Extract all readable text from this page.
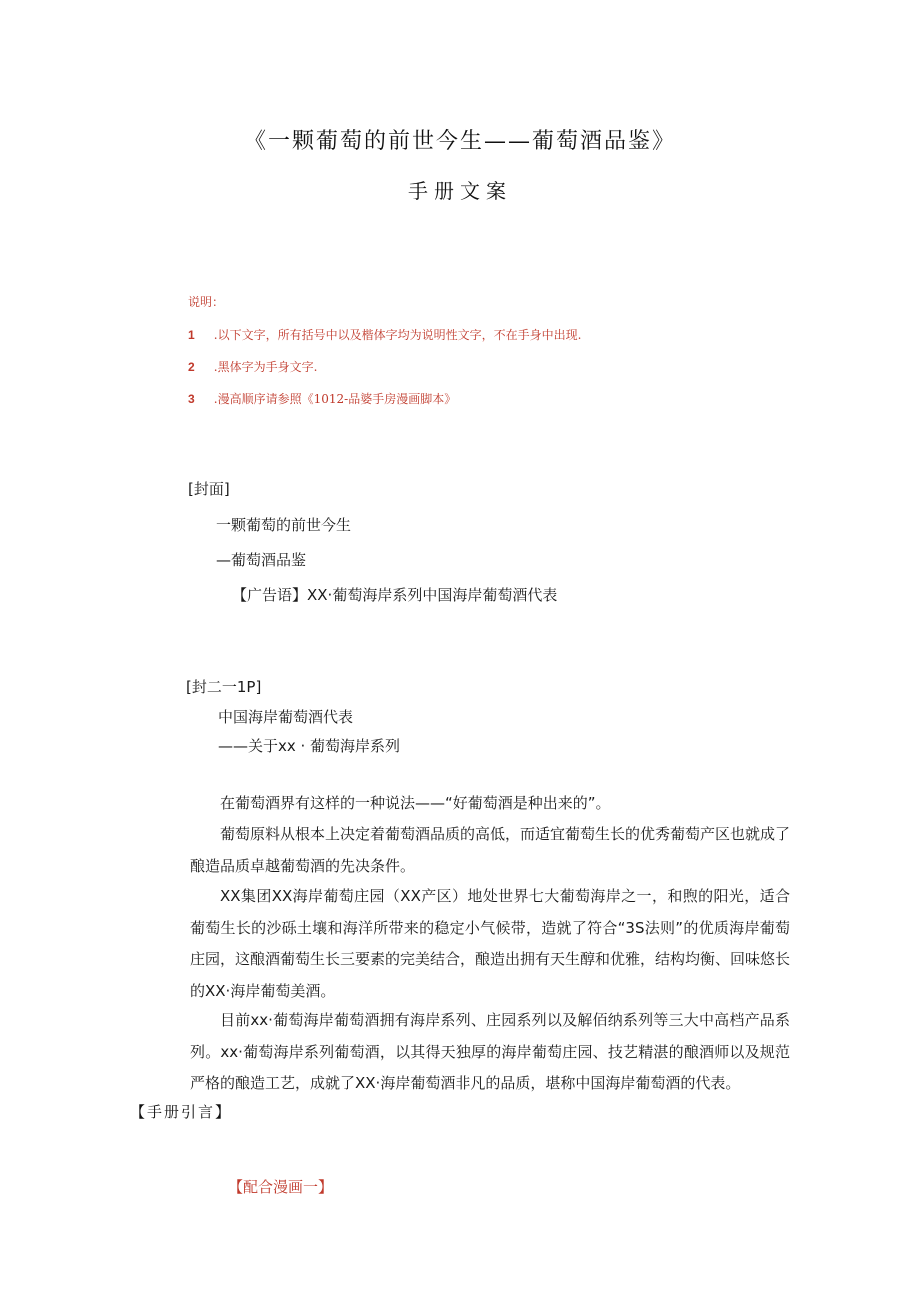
《一颗葡萄的前世今生——葡萄酒品鉴》
手册文案
说明：
1 .以下文字，所有括号中以及楷体字均为说明性文字，不在手身中出现.
2 .黑体字为手身文字.
3 .漫高顺序请参照《1012-品婆手房漫画脚本》
[封面]
一颗葡萄的前世今生
—葡萄酒品鉴
【广告语】XX·葡萄海岸系列中国海岸葡萄酒代表
[封二一1P]
中国海岸葡萄酒代表
——关于xx · 葡萄海岸系列
在葡萄酒界有这样的一种说法——“好葡萄酒是种出来的”。
葡萄原料从根本上决定着葡萄酒品质的高低，而适宜葡萄生长的优秀葡萄产区也就成了酿造品质卓越葡萄酒的先决条件。
XX集团XX海岸葡萄庄园（XX产区）地处世界七大葡萄海岸之一，和煦的阳光，适合葡萄生长的沙砾土壤和海洋所带来的稳定小气候带，造就了符合“3S法则”的优质海岸葡萄庄园，这酿酒葡萄生长三要素的完美结合，酿造出拥有天生醇和优雅，结构均衡、回味悠长的XX·海岸葡萄美酒。
目前xx·葡萄海岸葡萄酒拥有海岸系列、庄园系列以及解佰纳系列等三大中高档产品系列。xx·葡萄海岸系列葡萄酒，以其得天独厚的海岸葡萄庄园、技艺精湛的酿酒师以及规范严格的酿造工艺，成就了XX·海岸葡萄酒非凡的品质，堪称中国海岸葡萄酒的代表。
【手册引言】
【配合漫画一】
